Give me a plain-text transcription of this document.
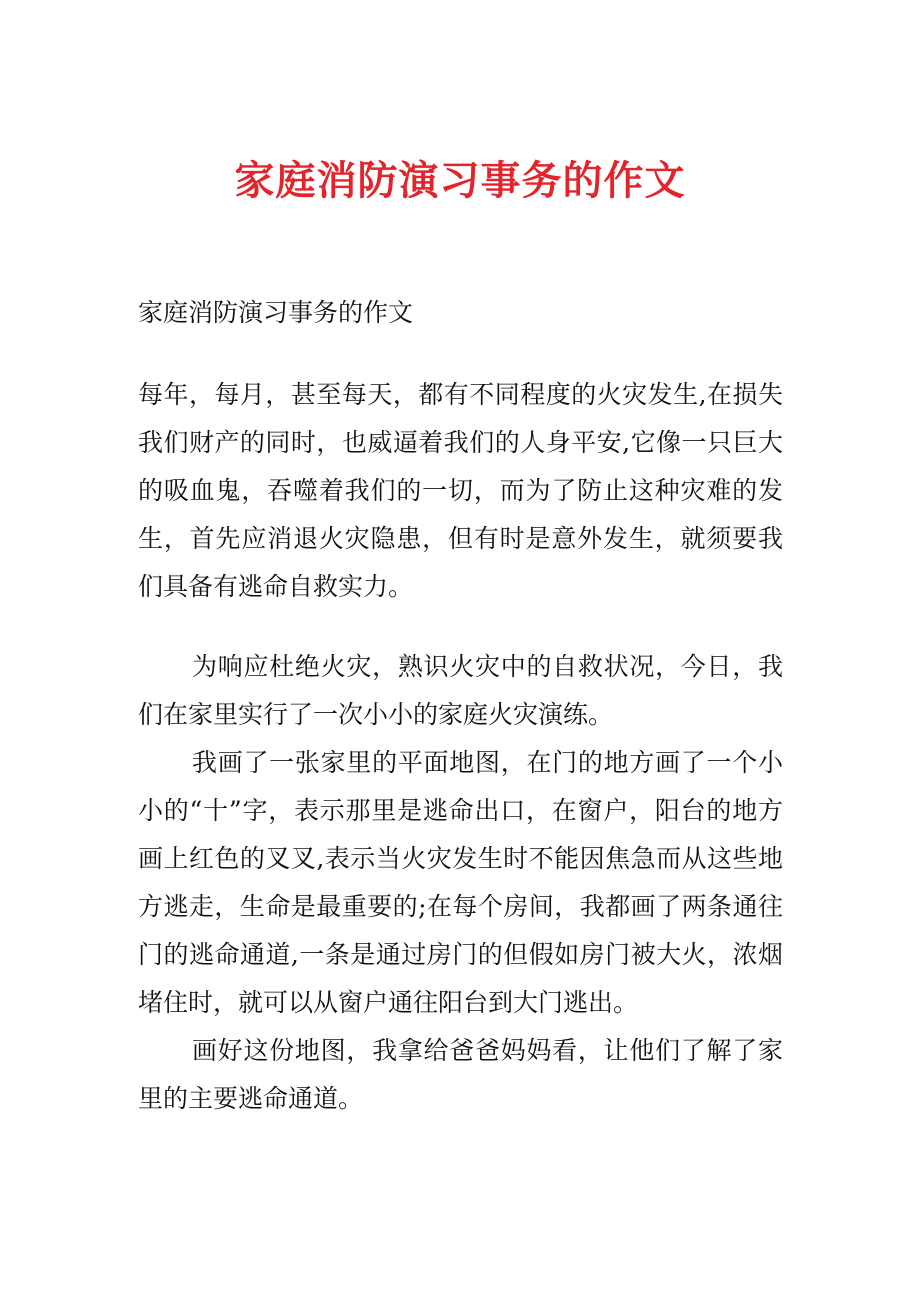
家庭消防演习事务的作文

家庭消防演习事务的作文

每年，每月，甚至每天，都有不同程度的火灾发生,在损失我们财产的同时，也威逼着我们的人身平安,它像一只巨大的吸血鬼，吞噬着我们的一切，而为了防止这种灾难的发生，首先应消退火灾隐患，但有时是意外发生，就须要我们具备有逃命自救实力。

为响应杜绝火灾，熟识火灾中的自救状况，今日，我们在家里实行了一次小小的家庭火灾演练。

我画了一张家里的平面地图，在门的地方画了一个小小的“十”字，表示那里是逃命出口，在窗户，阳台的地方画上红色的叉叉,表示当火灾发生时不能因焦急而从这些地方逃走，生命是最重要的;在每个房间，我都画了两条通往门的逃命通道,一条是通过房门的但假如房门被大火，浓烟堵住时，就可以从窗户通往阳台到大门逃出。

画好这份地图，我拿给爸爸妈妈看，让他们了解了家里的主要逃命通道。
